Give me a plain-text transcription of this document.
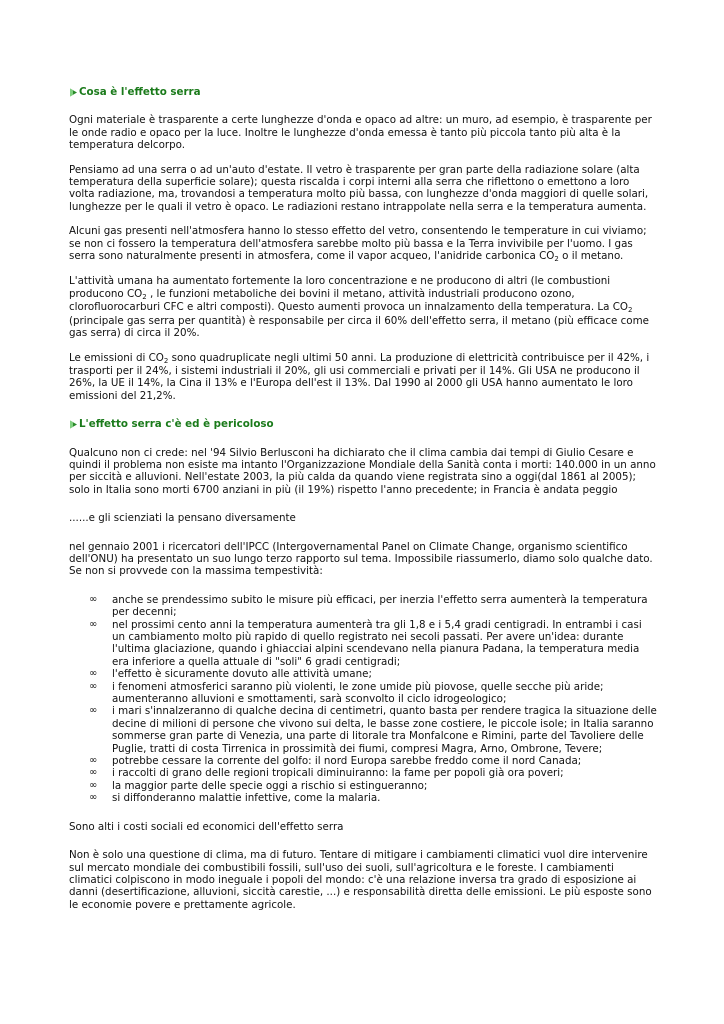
Cosa è l'effetto serra

Ogni materiale è trasparente a certe lunghezze d'onda e opaco ad altre: un muro, ad esempio, è trasparente per le onde radio e opaco per la luce. Inoltre le lunghezze d'onda emessa è tanto più piccola tanto più alta è la temperatura delcorpo.

Pensiamo ad una serra o ad un'auto d'estate. Il vetro è trasparente per gran parte della radiazione solare (alta temperatura della superficie solare); questa riscalda i corpi interni alla serra che riflettono o emettono a loro volta radiazione, ma, trovandosi a temperatura molto più bassa, con lunghezze d'onda maggiori di quelle solari, lunghezze per le quali il vetro è opaco. Le radiazioni restano intrappolate nella serra e la temperatura aumenta.

Alcuni gas presenti nell'atmosfera hanno lo stesso effetto del vetro, consentendo le temperature in cui viviamo; se non ci fossero la temperatura dell'atmosfera sarebbe molto più bassa e la Terra invivibile per l'uomo. I gas serra sono naturalmente presenti in atmosfera, come il vapor acqueo, l'anidride carbonica CO2 o il metano.

L'attività umana ha aumentato fortemente la loro concentrazione e ne producono di altri (le combustioni producono CO2 , le funzioni metaboliche dei bovini il metano, attività industriali producono ozono, clorofluorocarburi CFC e altri composti). Questo aumenti provoca un innalzamento della temperatura. La CO2 (principale gas serra per quantità) è responsabile per circa il 60% dell'effetto serra, il metano (più efficace come gas serra) di circa il 20%.

Le emissioni di CO2 sono quadruplicate negli ultimi 50 anni. La produzione di elettricità contribuisce per il 42%, i trasporti per il 24%, i sistemi industriali il 20%, gli usi commerciali e privati per il 14%. Gli USA ne producono il 26%, la UE il 14%, la Cina il 13% e l'Europa dell'est il 13%. Dal 1990 al 2000 gli USA hanno aumentato le loro emissioni del 21,2%.

L'effetto serra c'è ed è pericoloso

Qualcuno non ci crede: nel '94 Silvio Berlusconi ha dichiarato che il clima cambia dai tempi di Giulio Cesare e quindi il problema non esiste ma intanto l'Organizzazione Mondiale della Sanità conta i morti: 140.000 in un anno per siccità e alluvioni. Nell'estate 2003, la più calda da quando viene registrata sino a oggi(dal 1861 al 2005); solo in Italia sono morti 6700 anziani in più (il 19%) rispetto l'anno precedente; in Francia è andata peggio

......e gli scienziati la pensano diversamente

nel gennaio 2001 i ricercatori dell'IPCC (Intergovernamental Panel on Climate Change, organismo scientifico dell'ONU) ha presentato un suo lungo terzo rapporto sul tema. Impossibile riassumerlo, diamo solo qualche dato. Se non si provvede con la massima tempestività:

∞ anche se prendessimo subito le misure più efficaci, per inerzia l'effetto serra aumenterà la temperatura per decenni;
∞ nel prossimi cento anni la temperatura aumenterà tra gli 1,8 e i 5,4 gradi centigradi. In entrambi i casi un cambiamento molto più rapido di quello registrato nei secoli passati. Per avere un'idea: durante l'ultima glaciazione, quando i ghiacciai alpini scendevano nella pianura Padana, la temperatura media era inferiore a quella attuale di "soli" 6 gradi centigradi;
∞ l'effetto è sicuramente dovuto alle attività umane;
∞ i fenomeni atmosferici saranno più violenti, le zone umide più piovose, quelle secche più aride; aumenteranno alluvioni e smottamenti, sarà sconvolto il ciclo idrogeologico;
∞ i mari s'innalzeranno di qualche decina di centimetri, quanto basta per rendere tragica la situazione delle decine di milioni di persone che vivono sui delta, le basse zone costiere, le piccole isole; in Italia saranno sommerse gran parte di Venezia, una parte di litorale tra Monfalcone e Rimini, parte del Tavoliere delle Puglie, tratti di costa Tirrenica in prossimità dei fiumi, compresi Magra, Arno, Ombrone, Tevere;
∞ potrebbe cessare la corrente del golfo: il nord Europa sarebbe freddo come il nord Canada;
∞ i raccolti di grano delle regioni tropicali diminuiranno: la fame per popoli già ora poveri;
∞ la maggior parte delle specie oggi a rischio si estingueranno;
∞ si diffonderanno malattie infettive, come la malaria.

Sono alti i costi sociali ed economici dell'effetto serra

Non è solo una questione di clima, ma di futuro. Tentare di mitigare i cambiamenti climatici vuol dire intervenire sul mercato mondiale dei combustibili fossili, sull'uso dei suoli, sull'agricoltura e le foreste. I cambiamenti climatici colpiscono in modo ineguale i popoli del mondo: c'è una relazione inversa tra grado di esposizione ai danni (desertificazione, alluvioni, siccità carestie, ...) e responsabilità diretta delle emissioni. Le più esposte sono le economie povere e prettamente agricole.
